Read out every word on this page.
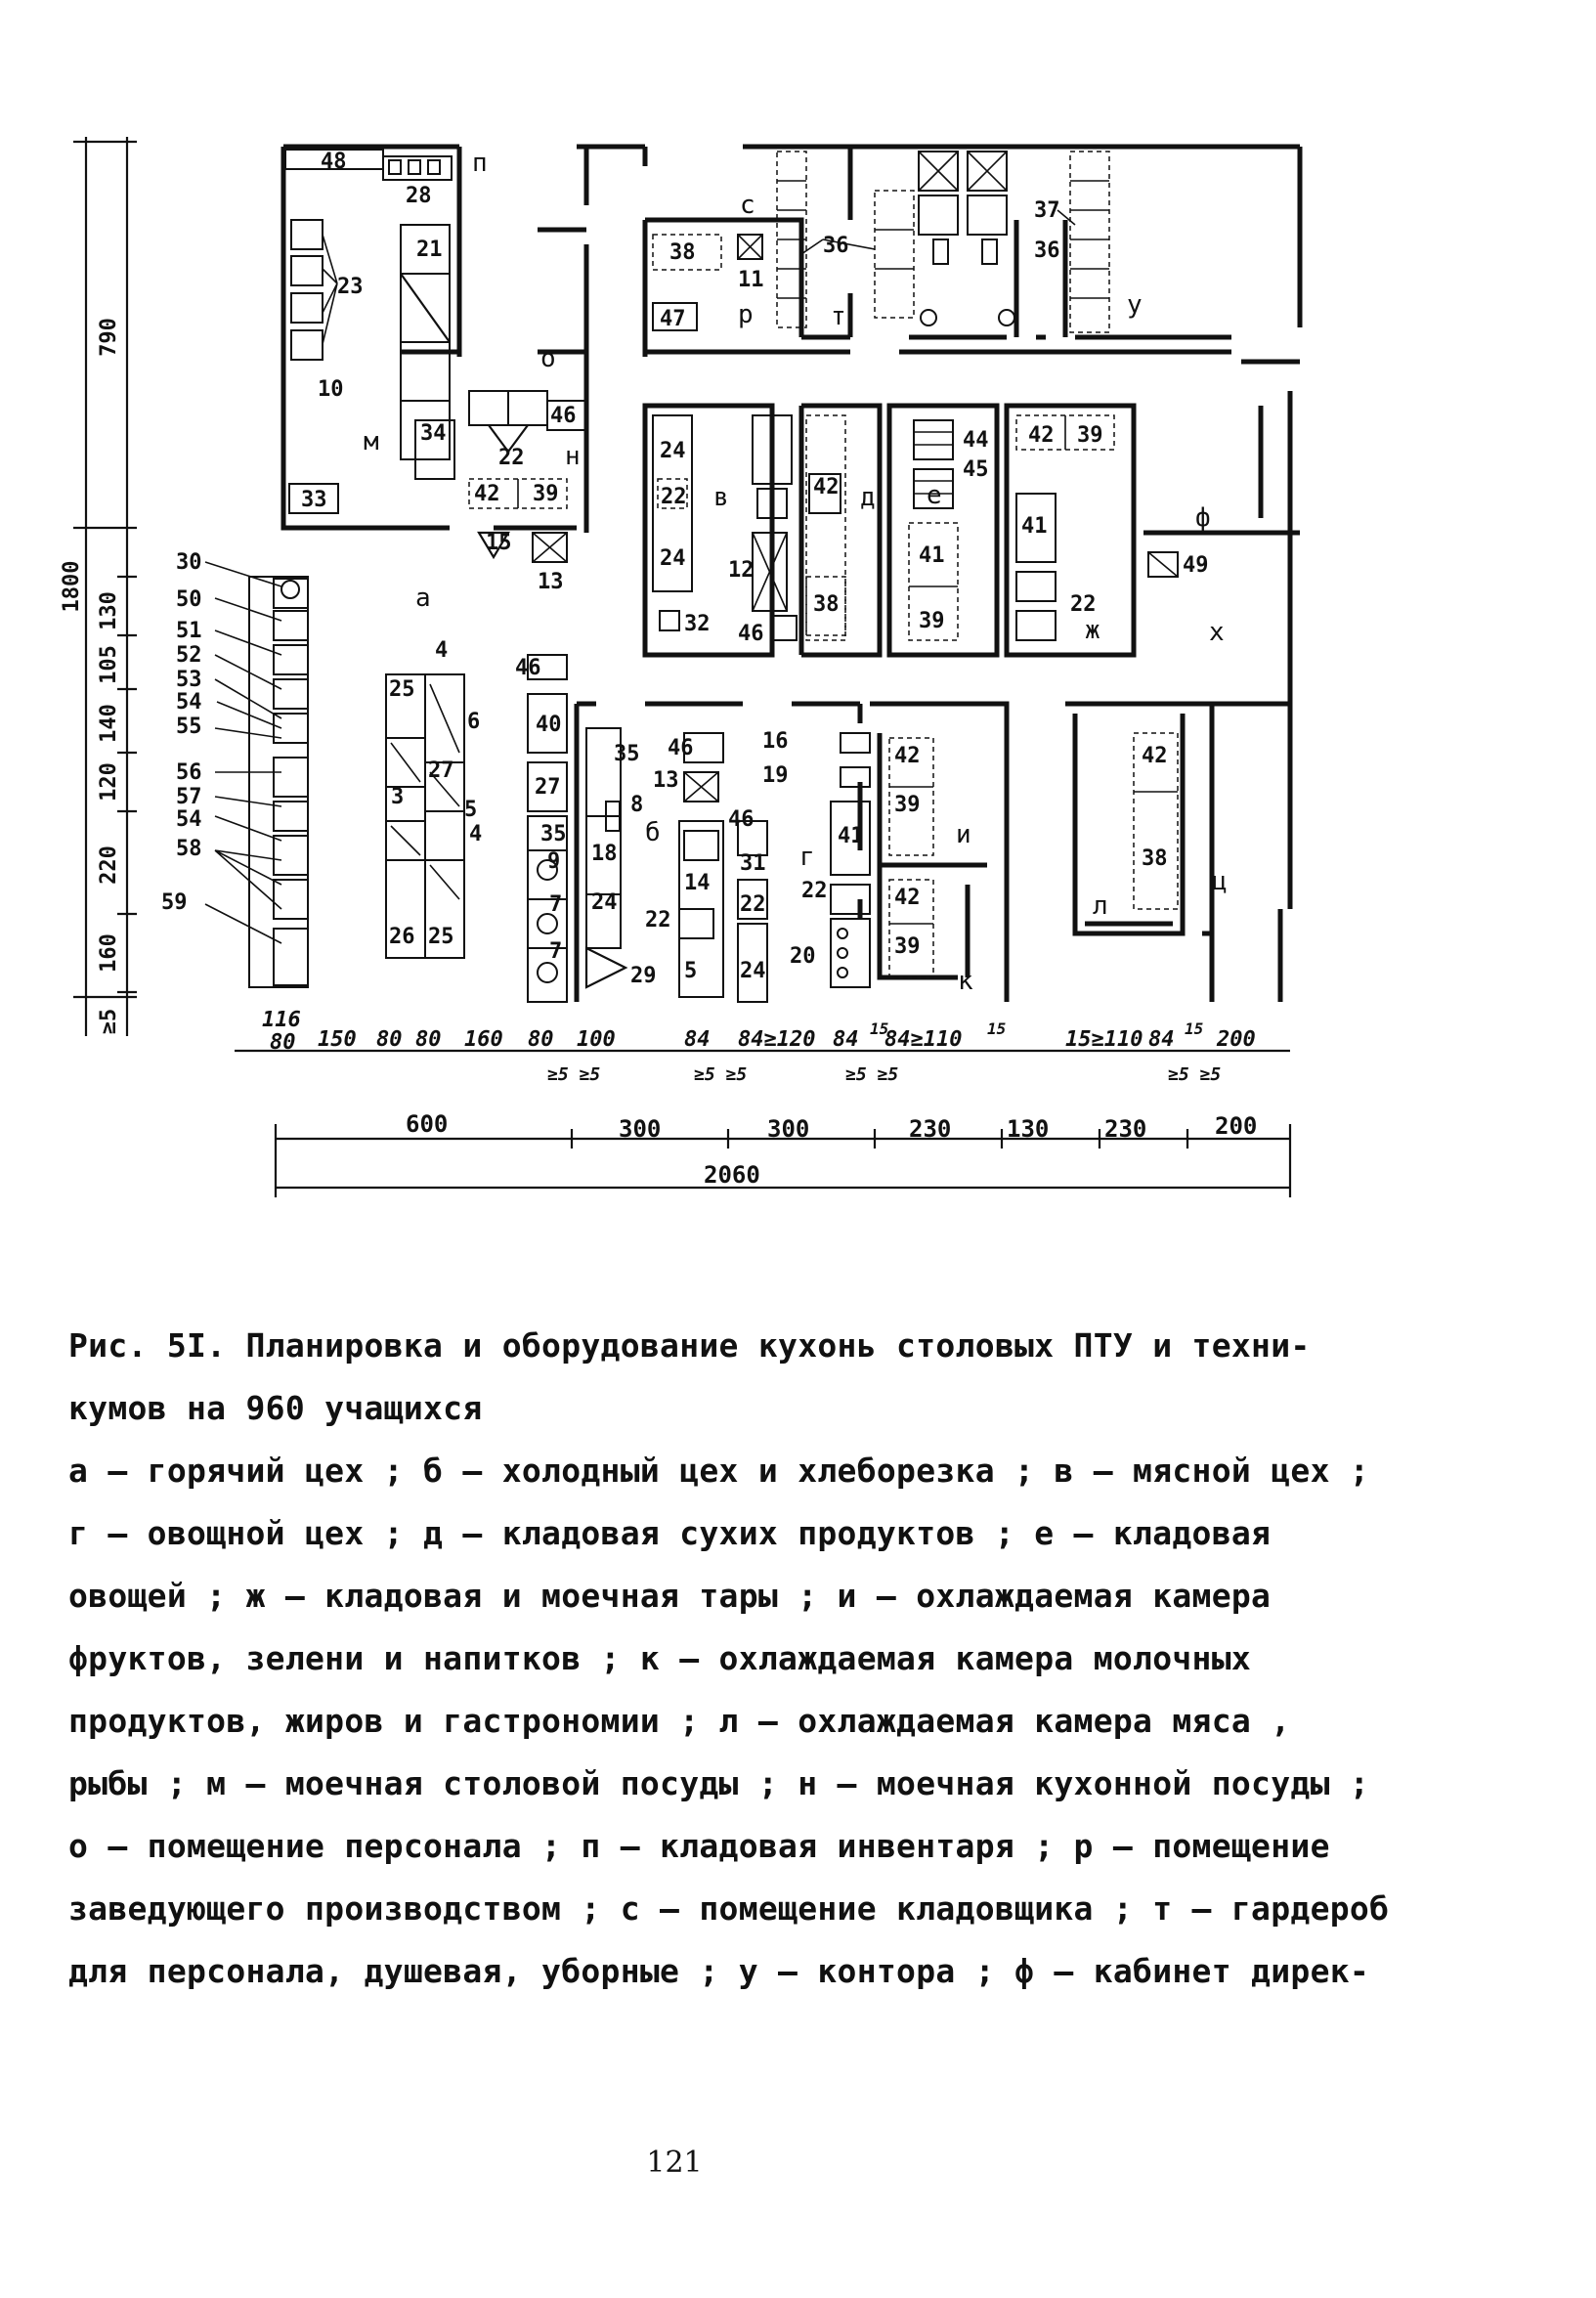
п
с
р	т	у
о
м	н
в	д е
ф
ж	х
а
б
г
и
к
л
ц
48
28
21
23
10
34
33
22
46
39
42
15
13
38
11
47
36
37
36
24
22
24 12
32 46
42
38
44
45
41
39
42 39
41
22
49
4
6
25
27
3
5
4
26 25
46
40
27
35
9
7
7
35
8
18
24
29
46
13
46
14
31
22
22
5 24
16
19
41
22
20
42
39
42
39
42
38
30
50
51
52
53
54
55
56
57
54
58
59
790
1800 130
105
140
120
220
160
≥5	116
80 150 80 80 160 80 100	84 84≥120 84 15
84≥110 15	15≥110 84 15 200
≥5 ≥5	≥5 ≥5	≥5 ≥5	≥5 ≥5
600	300	300	230 130 230	200
2060
Рис. 5I. Планировка и оборудование кухонь столовых ПТУ и техни-
кумов на 960 учащихся
а – горячий цех ; б – холодный цех и хлеборезка ; в – мясной цех ;
г – овощной цех ; д – кладовая сухих продуктов ; е – кладовая
овощей ; ж – кладовая и моечная тары ; и – охлаждаемая камера
фруктов, зелени и напитков ; к – охлаждаемая камера молочных
продуктов, жиров и гастрономии ; л – охлаждаемая камера мяса ,
рыбы ; м – моечная столовой посуды ; н – моечная кухонной посуды ;
о – помещение персонала ; п – кладовая инвентаря ; р – помещение
заведующего производством ; с – помещение кладовщика ; т – гардероб
для персонала, душевая, уборные ; у – контора ; ф – кабинет дирек-
121
